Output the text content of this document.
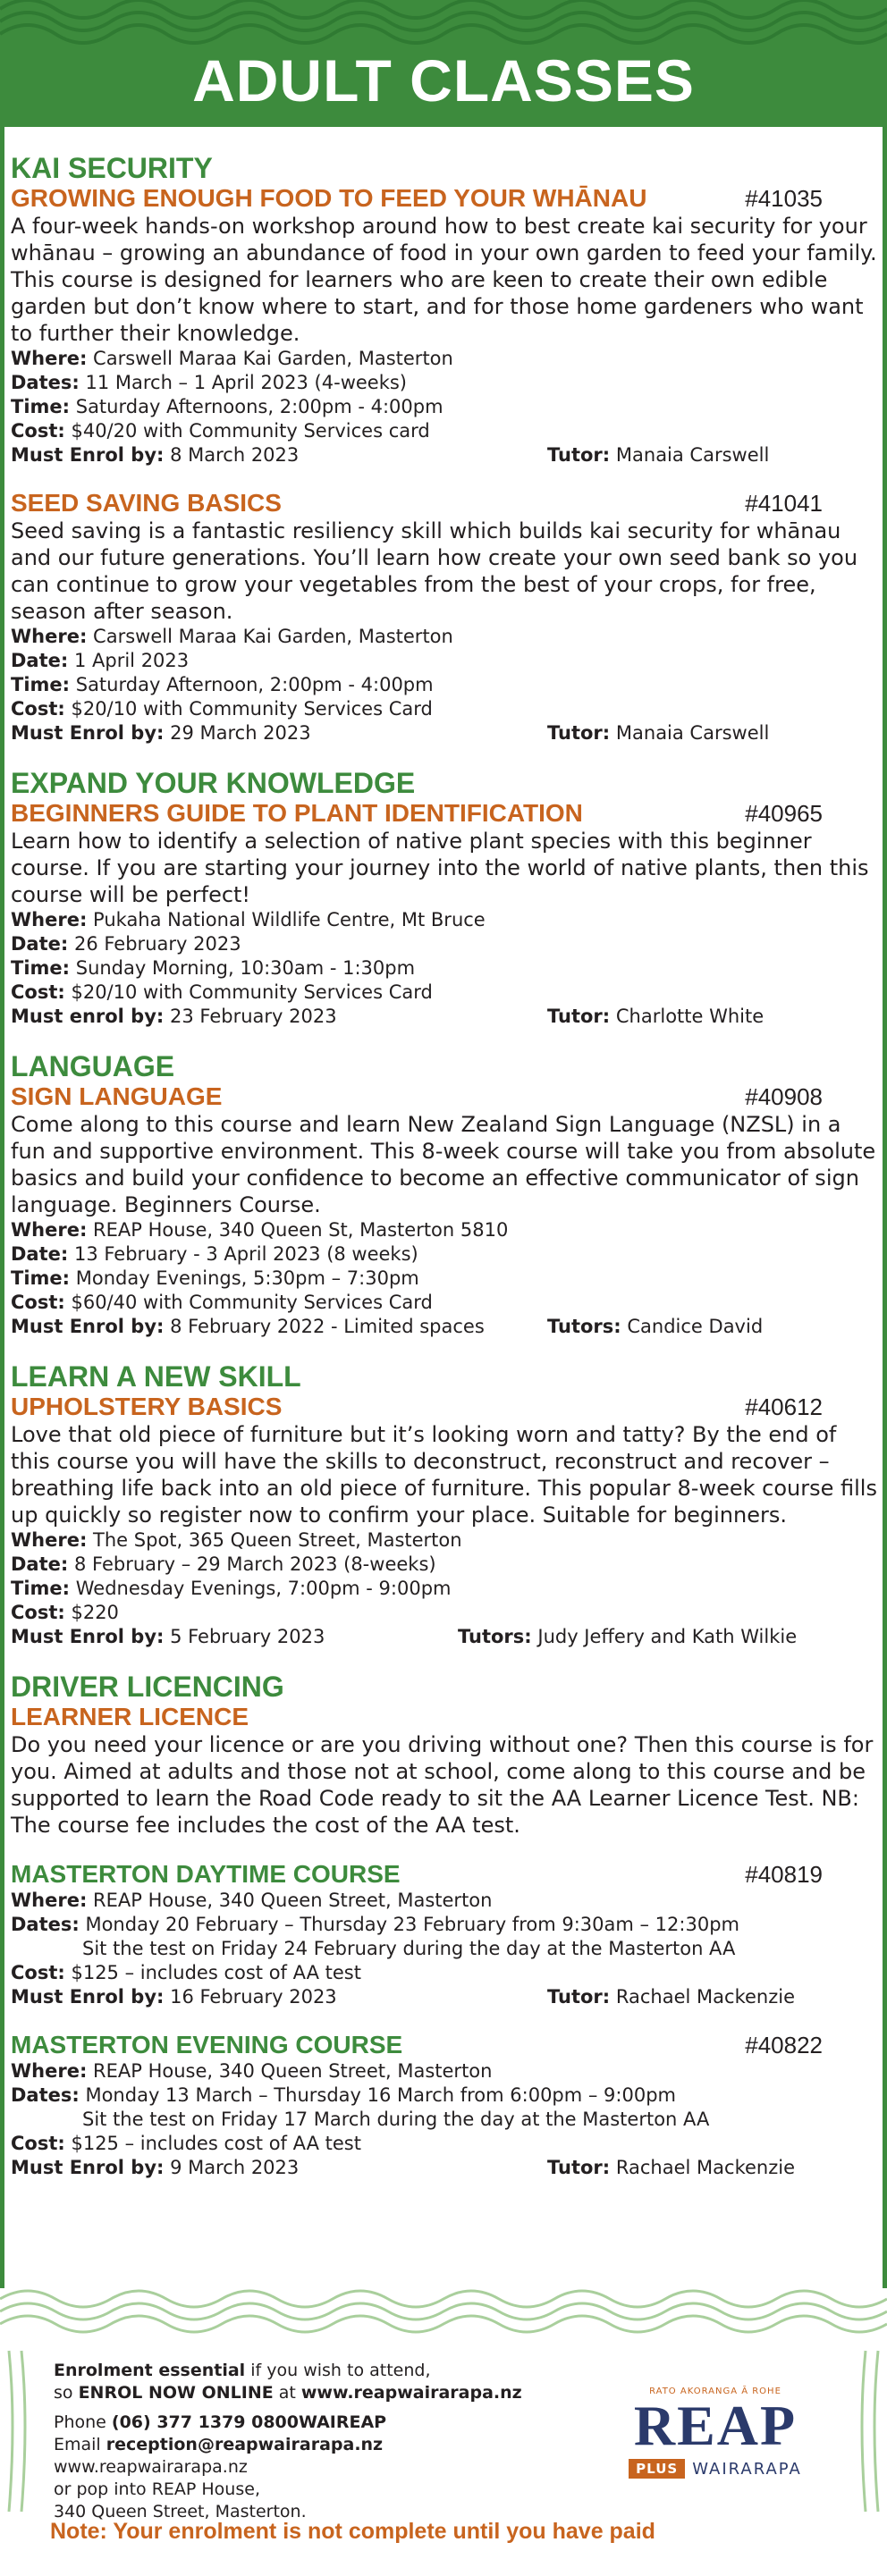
ADULT CLASSES
KAI SECURITY
GROWING ENOUGH FOOD TO FEED YOUR WHĀNAU	#41035
A four-week hands-on workshop around how to best create kai security for your whānau – growing an abundance of food in your own garden to feed your family. This course is designed for learners who are keen to create their own edible garden but don’t know where to start, and for those home gardeners who want to further their knowledge.
Where: Carswell Maraa Kai Garden, Masterton
Dates: 11 March – 1 April 2023 (4-weeks)
Time: Saturday Afternoons, 2:00pm - 4:00pm
Cost: $40/20 with Community Services card
Must Enrol by: 8 March 2023	Tutor: Manaia Carswell
SEED SAVING BASICS	#41041
Seed saving is a fantastic resiliency skill which builds kai security for whānau and our future generations. You’ll learn how create your own seed bank so you can continue to grow your vegetables from the best of your crops, for free, season after season.
Where: Carswell Maraa Kai Garden, Masterton
Date: 1 April 2023
Time: Saturday Afternoon, 2:00pm - 4:00pm
Cost: $20/10 with Community Services Card
Must Enrol by: 29 March 2023	Tutor: Manaia Carswell
EXPAND YOUR KNOWLEDGE
BEGINNERS GUIDE TO PLANT IDENTIFICATION	#40965
Learn how to identify a selection of native plant species with this beginner course. If you are starting your journey into the world of native plants, then this course will be perfect!
Where: Pukaha National Wildlife Centre, Mt Bruce
Date: 26 February 2023
Time: Sunday Morning, 10:30am - 1:30pm
Cost: $20/10 with Community Services Card
Must enrol by: 23 February 2023	Tutor: Charlotte White
LANGUAGE
SIGN LANGUAGE	#40908
Come along to this course and learn New Zealand Sign Language (NZSL) in a fun and supportive environment. This 8-week course will take you from absolute basics and build your confidence to become an effective communicator of sign language. Beginners Course.
Where: REAP House, 340 Queen St, Masterton 5810
Date: 13 February - 3 April 2023 (8 weeks)
Time: Monday Evenings, 5:30pm – 7:30pm
Cost: $60/40 with Community Services Card
Must Enrol by: 8 February 2022 - Limited spaces	Tutors: Candice David
LEARN A NEW SKILL
UPHOLSTERY BASICS	#40612
Love that old piece of furniture but it’s looking worn and tatty? By the end of this course you will have the skills to deconstruct, reconstruct and recover – breathing life back into an old piece of furniture. This popular 8-week course fills up quickly so register now to confirm your place. Suitable for beginners.
Where: The Spot, 365 Queen Street, Masterton
Date: 8 February – 29 March 2023 (8-weeks)
Time: Wednesday Evenings, 7:00pm - 9:00pm
Cost: $220
Must Enrol by: 5 February 2023	Tutors: Judy Jeffery and Kath Wilkie
DRIVER LICENCING
LEARNER LICENCE
Do you need your licence or are you driving without one? Then this course is for you. Aimed at adults and those not at school, come along to this course and be supported to learn the Road Code ready to sit the AA Learner Licence Test. NB: The course fee includes the cost of the AA test.
MASTERTON DAYTIME COURSE	#40819
Where: REAP House, 340 Queen Street, Masterton
Dates: Monday 20 February – Thursday 23 February from 9:30am – 12:30pm
Sit the test on Friday 24 February during the day at the Masterton AA
Cost: $125 – includes cost of AA test
Must Enrol by: 16 February 2023	Tutor: Rachael Mackenzie
MASTERTON EVENING COURSE	#40822
Where: REAP House, 340 Queen Street, Masterton
Dates: Monday 13 March – Thursday 16 March from 6:00pm – 9:00pm
Sit the test on Friday 17 March during the day at the Masterton AA
Cost: $125 – includes cost of AA test
Must Enrol by: 9 March 2023	Tutor: Rachael Mackenzie
Enrolment essential if you wish to attend,
so ENROL NOW ONLINE at www.reapwairarapa.nz
Phone (06) 377 1379 0800WAIREAP
Email reception@reapwairarapa.nz
www.reapwairarapa.nz
or pop into REAP House,
340 Queen Street, Masterton.
RATO AKORANGA Ā ROHE
REAP
PLUS WAIRARAPA
Note: Your enrolment is not complete until you have paid
